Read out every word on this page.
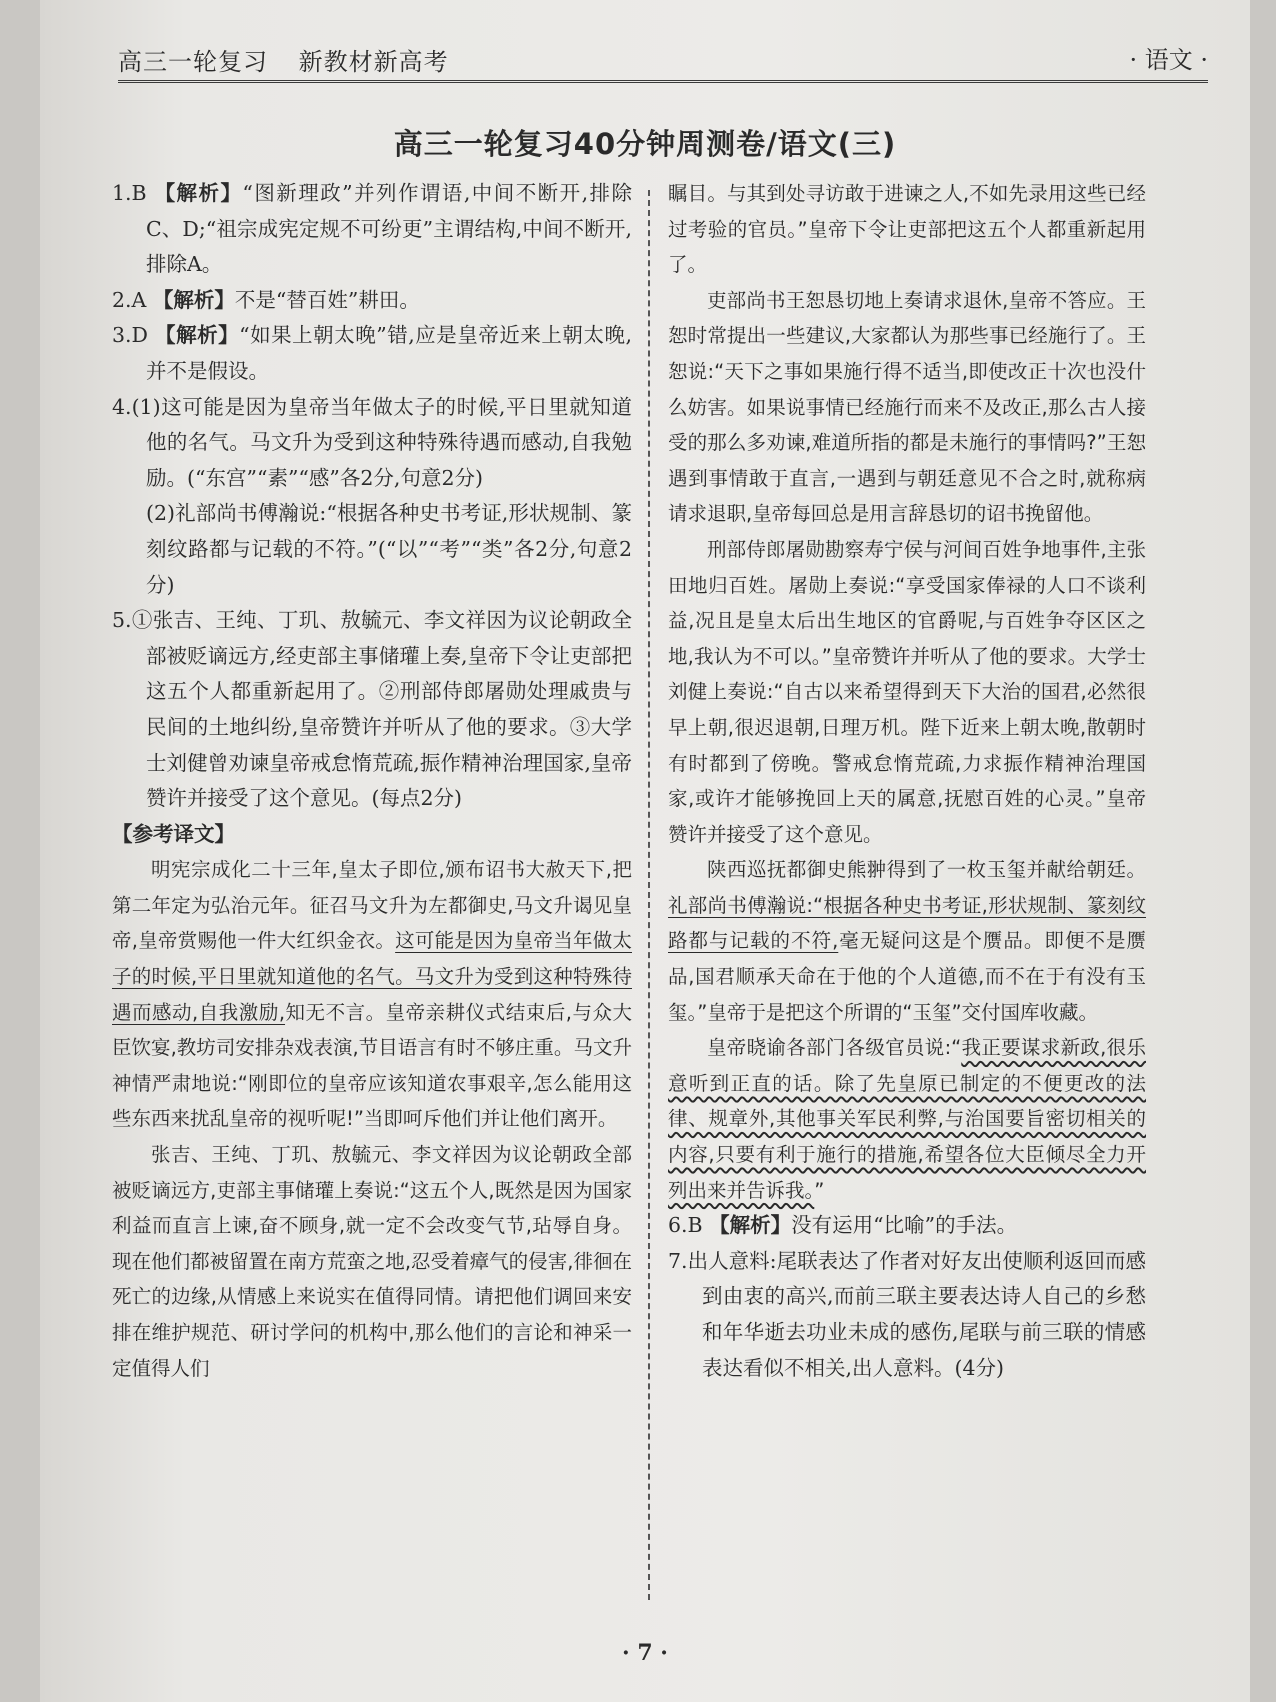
高三一轮复习 新教材新高考	· 语文 ·
高三一轮复习40分钟周测卷/语文(三)

1.B 【解析】“图新理政”并列作谓语,中间不断开,排除C、D;“祖宗成宪定规不可纷更”主谓结构,中间不断开,排除A。

2.A 【解析】不是“替百姓”耕田。

3.D 【解析】“如果上朝太晚”错,应是皇帝近来上朝太晚,并不是假设。

4.(1)这可能是因为皇帝当年做太子的时候,平日里就知道他的名气。马文升为受到这种特殊待遇而感动,自我勉励。(“东宫”“素”“感”各2分,句意2分)

(2)礼部尚书傅瀚说:“根据各种史书考证,形状规制、篆刻纹路都与记载的不符。”(“以”“考”“类”各2分,句意2分)

5.①张吉、王纯、丁玑、敖毓元、李文祥因为议论朝政全部被贬谪远方,经吏部主事储瓘上奏,皇帝下令让吏部把这五个人都重新起用了。②刑部侍郎屠勋处理戚贵与民间的土地纠纷,皇帝赞许并听从了他的要求。③大学士刘健曾劝谏皇帝戒怠惰荒疏,振作精神治理国家,皇帝赞许并接受了这个意见。(每点2分)

【参考译文】

明宪宗成化二十三年,皇太子即位,颁布诏书大赦天下,把第二年定为弘治元年。征召马文升为左都御史,马文升谒见皇帝,皇帝赏赐他一件大红织金衣。这可能是因为皇帝当年做太子的时候,平日里就知道他的名气。马文升为受到这种特殊待遇而感动,自我激励,知无不言。皇帝亲耕仪式结束后,与众大臣饮宴,教坊司安排杂戏表演,节目语言有时不够庄重。马文升神情严肃地说:“刚即位的皇帝应该知道农事艰辛,怎么能用这些东西来扰乱皇帝的视听呢!”当即呵斥他们并让他们离开。

张吉、王纯、丁玑、敖毓元、李文祥因为议论朝政全部被贬谪远方,吏部主事储瓘上奏说:“这五个人,既然是因为国家利益而直言上谏,奋不顾身,就一定不会改变气节,玷辱自身。现在他们都被留置在南方荒蛮之地,忍受着瘴气的侵害,徘徊在死亡的边缘,从情感上来说实在值得同情。请把他们调回来安排在维护规范、研讨学问的机构中,那么他们的言论和神采一定值得人们

瞩目。与其到处寻访敢于进谏之人,不如先录用这些已经过考验的官员。”皇帝下令让吏部把这五个人都重新起用了。

吏部尚书王恕恳切地上奏请求退休,皇帝不答应。王恕时常提出一些建议,大家都认为那些事已经施行了。王恕说:“天下之事如果施行得不适当,即使改正十次也没什么妨害。如果说事情已经施行而来不及改正,那么古人接受的那么多劝谏,难道所指的都是未施行的事情吗?”王恕遇到事情敢于直言,一遇到与朝廷意见不合之时,就称病请求退职,皇帝每回总是用言辞恳切的诏书挽留他。

刑部侍郎屠勋勘察寿宁侯与河间百姓争地事件,主张田地归百姓。屠勋上奏说:“享受国家俸禄的人口不谈利益,况且是皇太后出生地区的官爵呢,与百姓争夺区区之地,我认为不可以。”皇帝赞许并听从了他的要求。大学士刘健上奏说:“自古以来希望得到天下大治的国君,必然很早上朝,很迟退朝,日理万机。陛下近来上朝太晚,散朝时有时都到了傍晚。警戒怠惰荒疏,力求振作精神治理国家,或许才能够挽回上天的属意,抚慰百姓的心灵。”皇帝赞许并接受了这个意见。

陕西巡抚都御史熊翀得到了一枚玉玺并献给朝廷。礼部尚书傅瀚说:“根据各种史书考证,形状规制、篆刻纹路都与记载的不符,毫无疑问这是个赝品。即便不是赝品,国君顺承天命在于他的个人道德,而不在于有没有玉玺。”皇帝于是把这个所谓的“玉玺”交付国库收藏。

皇帝晓谕各部门各级官员说:“我正要谋求新政,很乐意听到正直的话。除了先皇原已制定的不便更改的法律、规章外,其他事关军民利弊,与治国要旨密切相关的内容,只要有利于施行的措施,希望各位大臣倾尽全力开列出来并告诉我。”

6.B 【解析】没有运用“比喻”的手法。

7.出人意料:尾联表达了作者对好友出使顺利返回而感到由衷的高兴,而前三联主要表达诗人自己的乡愁和年华逝去功业未成的感伤,尾联与前三联的情感表达看似不相关,出人意料。(4分)

· 7 ·
